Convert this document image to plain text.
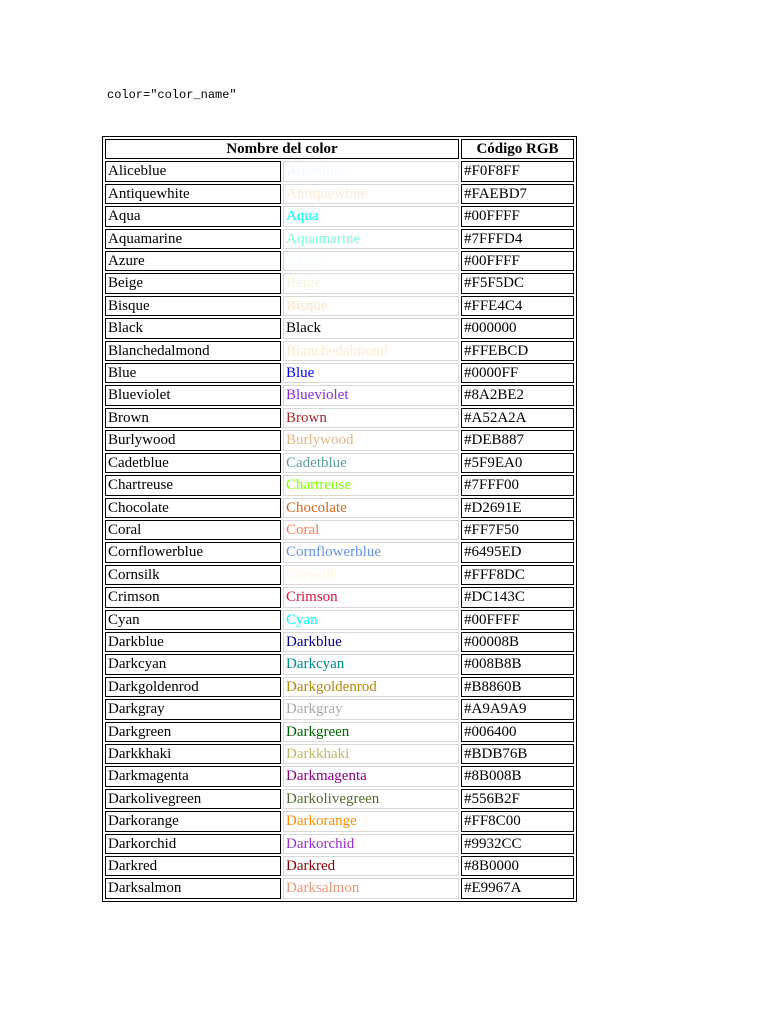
color="color_name"
Nombre del color		Código RGB
Aliceblue	Aliceblue	#F0F8FF
Antiquewhite	Antiquewhite	#FAEBD7
Aqua	Aqua	#00FFFF
Aquamarine	Aquamarine	#7FFFD4
Azure	Azure	#00FFFF
Beige	Beige	#F5F5DC
Bisque	Bisque	#FFE4C4
Black	Black	#000000
Blanchedalmond	Blanchedalmond	#FFEBCD
Blue	Blue	#0000FF
Blueviolet	Blueviolet	#8A2BE2
Brown	Brown	#A52A2A
Burlywood	Burlywood	#DEB887
Cadetblue	Cadetblue	#5F9EA0
Chartreuse	Chartreuse	#7FFF00
Chocolate	Chocolate	#D2691E
Coral	Coral	#FF7F50
Cornflowerblue	Cornflowerblue	#6495ED
Cornsilk	Cornsilk	#FFF8DC
Crimson	Crimson	#DC143C
Cyan	Cyan	#00FFFF
Darkblue	Darkblue	#00008B
Darkcyan	Darkcyan	#008B8B
Darkgoldenrod	Darkgoldenrod	#B8860B
Darkgray	Darkgray	#A9A9A9
Darkgreen	Darkgreen	#006400
Darkkhaki	Darkkhaki	#BDB76B
Darkmagenta	Darkmagenta	#8B008B
Darkolivegreen	Darkolivegreen	#556B2F
Darkorange	Darkorange	#FF8C00
Darkorchid	Darkorchid	#9932CC
Darkred	Darkred	#8B0000
Darksalmon	Darksalmon	#E9967A
